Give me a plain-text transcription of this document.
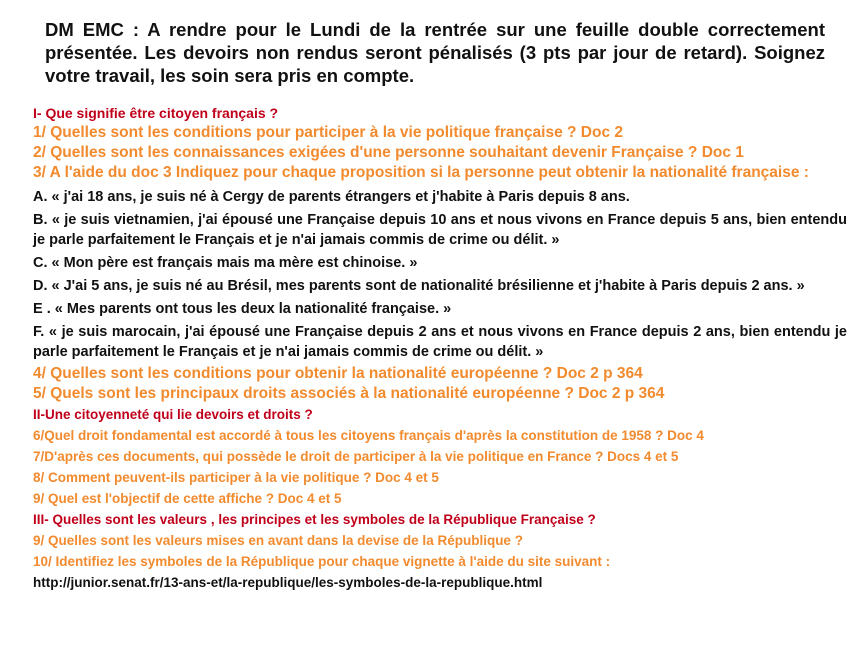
DM EMC : A rendre pour le Lundi de la rentrée sur une feuille double correctement présentée. Les devoirs non rendus seront pénalisés (3 pts par jour de retard). Soignez votre travail, les soin sera pris en compte.

I- Que signifie être citoyen français ?

1/ Quelles sont les conditions pour participer à la vie politique française ? Doc 2

2/ Quelles sont les connaissances exigées d'une personne souhaitant devenir Française ? Doc 1

3/ A l'aide du doc 3 Indiquez pour chaque proposition si la personne peut obtenir la nationalité française :

A. « j'ai 18 ans, je suis né à Cergy de parents étrangers et j'habite à Paris depuis 8 ans.

B. « je suis vietnamien, j'ai épousé une Française depuis 10 ans et nous vivons en France depuis 5 ans, bien entendu je parle parfaitement le Français et je n'ai jamais commis de crime ou délit. »

C. « Mon père est français mais ma mère est chinoise. »

D. « J'ai 5 ans, je suis né au Brésil, mes parents sont de nationalité brésilienne et j'habite à Paris depuis 2 ans. »

E . « Mes parents ont tous les deux la nationalité française. »

F. « je suis marocain, j'ai épousé une Française depuis 2 ans et nous vivons en France depuis 2 ans, bien entendu je parle parfaitement le Français et je n'ai jamais commis de crime ou délit. »

4/ Quelles sont les conditions pour obtenir la nationalité européenne ? Doc 2 p 364

5/ Quels sont les principaux droits associés à la nationalité européenne ? Doc 2 p 364

II-Une citoyenneté qui lie devoirs et droits ?

6/Quel droit fondamental est accordé à tous les citoyens français d'après la constitution de 1958 ? Doc 4

7/D'après ces documents, qui possède le droit de participer à la vie politique en France ? Docs 4 et 5

8/ Comment peuvent-ils participer à la vie politique ? Doc 4 et 5

9/ Quel est l'objectif de cette affiche ? Doc 4 et 5

III- Quelles sont les valeurs , les principes et les symboles de la République Française ?

9/ Quelles sont les valeurs mises en avant dans la devise de la République ?

10/ Identifiez les symboles de la République pour chaque vignette à l'aide du site suivant :

http://junior.senat.fr/13-ans-et/la-republique/les-symboles-de-la-republique.html
